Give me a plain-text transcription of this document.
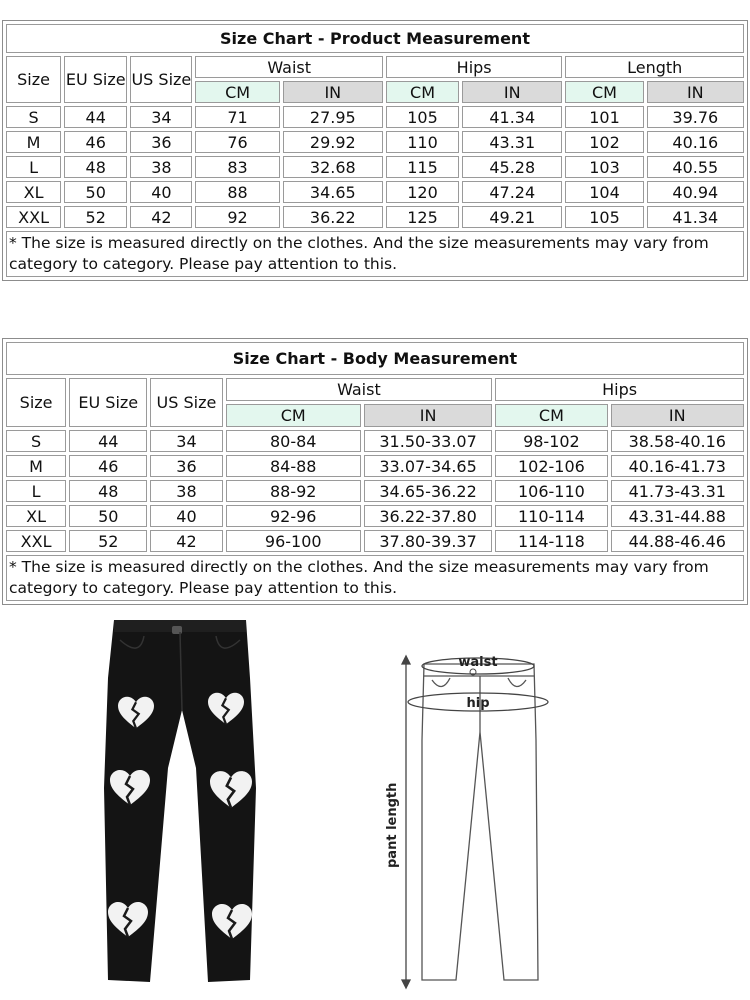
Size Chart - Product Measurement								
Size	EU Size	US Size	Waist		Hips		Length	
			CM	IN	CM	IN	CM	IN
S	44	34	71	27.95	105	41.34	101	39.76
M	46	36	76	29.92	110	43.31	102	40.16
L	48	38	83	32.68	115	45.28	103	40.55
XL	50	40	88	34.65	120	47.24	104	40.94
XXL	52	42	92	36.22	125	49.21	105	41.34
* The size is measured directly on the clothes. And the size measurements may vary from category to category. Please pay attention to this.								
Size Chart - Body Measurement						
Size	EU Size	US Size	Waist		Hips	
			CM	IN	CM	IN
S	44	34	80-84	31.50-33.07	98-102	38.58-40.16
M	46	36	84-88	33.07-34.65	102-106	40.16-41.73
L	48	38	88-92	34.65-36.22	106-110	41.73-43.31
XL	50	40	92-96	36.22-37.80	110-114	43.31-44.88
XXL	52	42	96-100	37.80-39.37	114-118	44.88-46.46
* The size is measured directly on the clothes. And the size measurements may vary from category to category. Please pay attention to this.						
waist
hip
pant length
